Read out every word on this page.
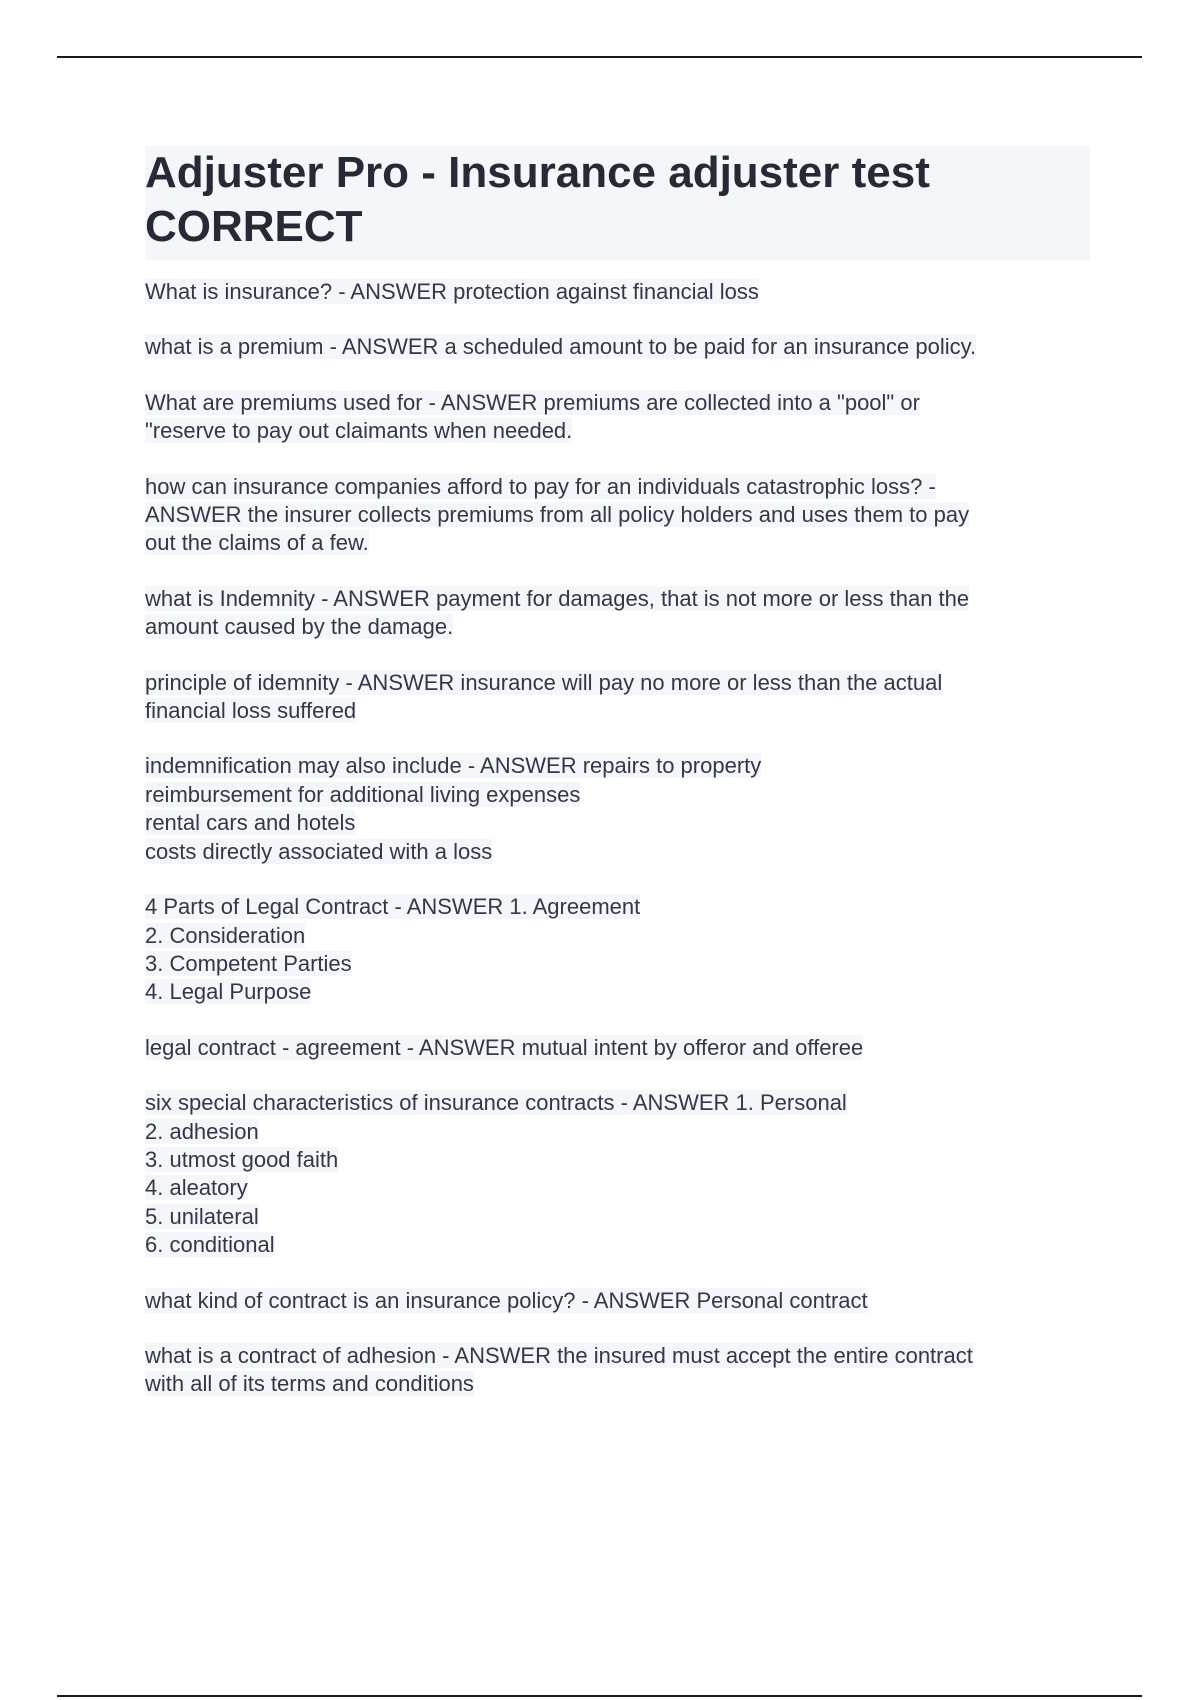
Adjuster Pro - Insurance adjuster test CORRECT

What is insurance? - ANSWER protection against financial loss

what is a premium - ANSWER a scheduled amount to be paid for an insurance policy.

What are premiums used for - ANSWER premiums are collected into a "pool" or
"reserve to pay out claimants when needed.

how can insurance companies afford to pay for an individuals catastrophic loss? -
ANSWER the insurer collects premiums from all policy holders and uses them to pay
out the claims of a few.

what is Indemnity - ANSWER payment for damages, that is not more or less than the
amount caused by the damage.

principle of idemnity - ANSWER insurance will pay no more or less than the actual
financial loss suffered

indemnification may also include - ANSWER repairs to property
reimbursement for additional living expenses
rental cars and hotels
costs directly associated with a loss

4 Parts of Legal Contract - ANSWER 1. Agreement
2. Consideration
3. Competent Parties
4. Legal Purpose

legal contract - agreement - ANSWER mutual intent by offeror and offeree

six special characteristics of insurance contracts - ANSWER 1. Personal
2. adhesion
3. utmost good faith
4. aleatory
5. unilateral
6. conditional

what kind of contract is an insurance policy? - ANSWER Personal contract

what is a contract of adhesion - ANSWER the insured must accept the entire contract
with all of its terms and conditions
